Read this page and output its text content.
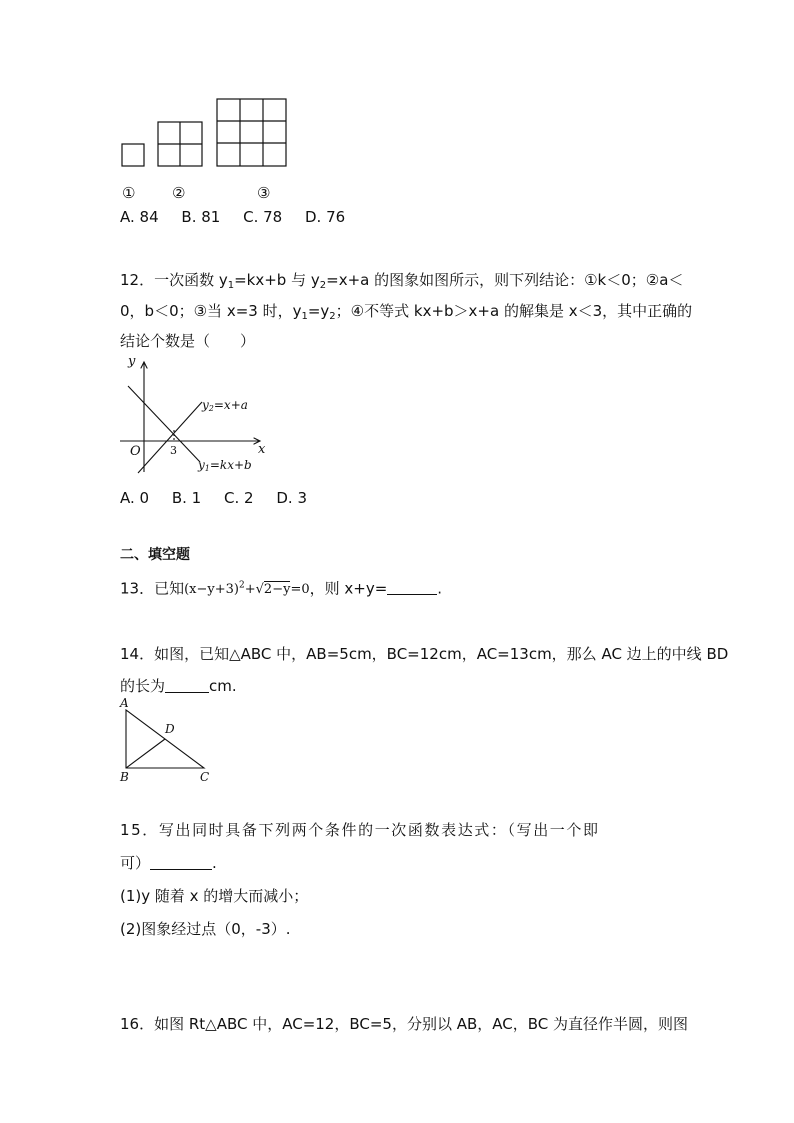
① ②	③
A. 84 B. 81 C. 78 D. 76
12．一次函数 $y_1=kx+b$ 与 $y_2=x+a$ 的图象如图所示，则下列结论：①k＜0；②a＜
0，b＜0；③当 x=3 时，$y_1=y_2$；④不等式 kx+b＞x+a 的解集是 x＜3，其中正确的
结论个数是（　　）
y
x
O	3
y2=x+a
y1=kx+b
A. 0 B. 1 C. 2 D. 3
二、填空题
13．已知$(x-y+3)^2+√2-y=0$，则 x+y=	.
14．如图，已知△ABC 中，AB=5cm，BC=12cm，AC=13cm，那么 AC 边上的中线 BD
的长为	cm.
A
D
B	C
15．写出同时具备下列两个条件的一次函数表达式：（写出一个即
可）	.
(1)y 随着 x 的增大而减小；
(2)图象经过点（0，-3）.
16．如图 Rt△ABC 中，AC=12，BC=5，分别以 AB，AC，BC 为直径作半圆，则图
